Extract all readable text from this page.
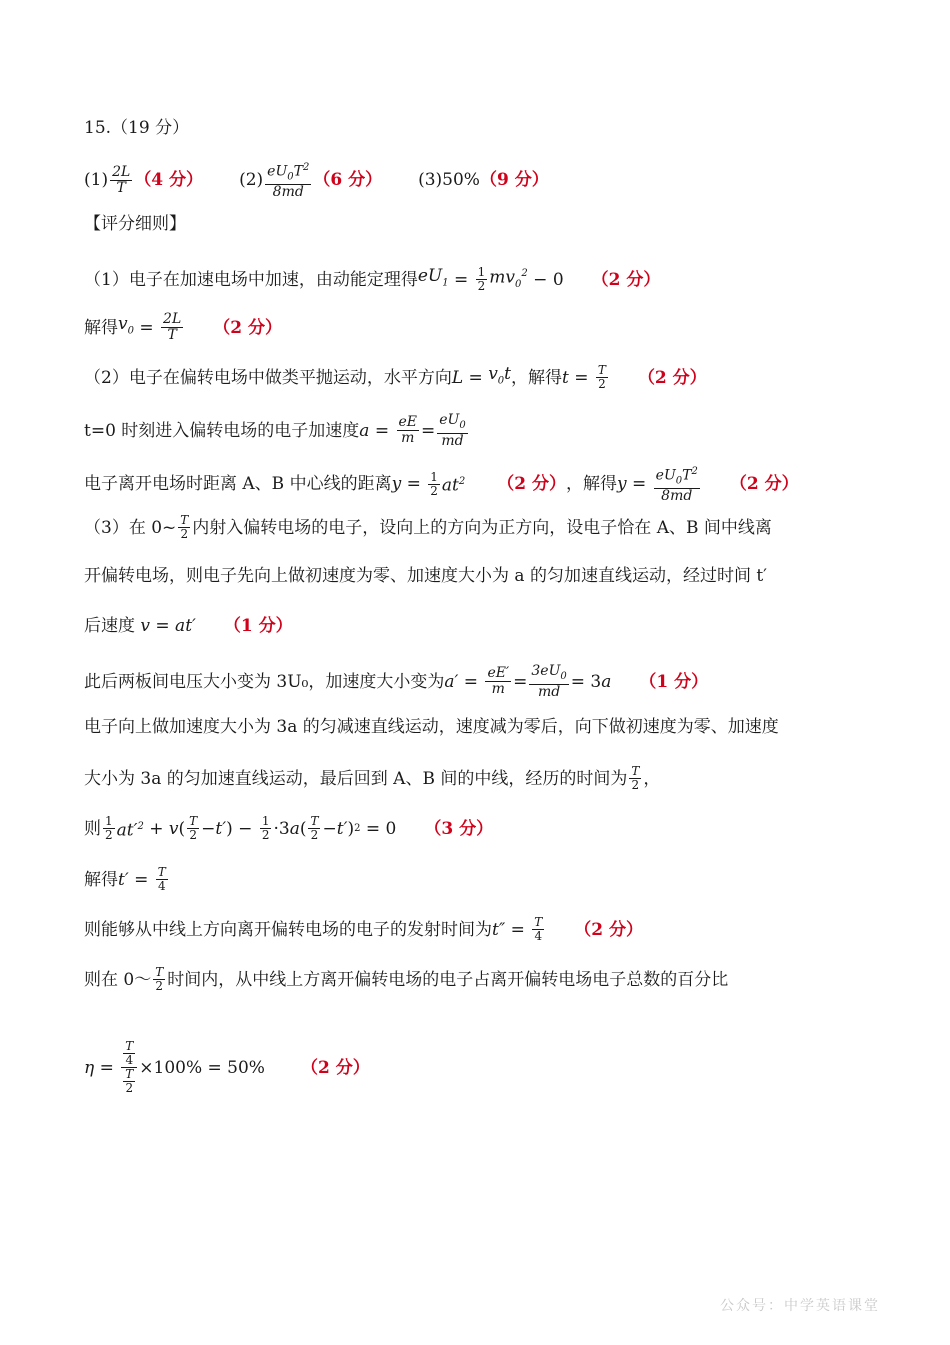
15.（19 分）
$(1) \frac{2L}{T} (4$ 分） $(2) \frac{eU_0T^2}{8md} (6$ 分） (3)50% （9 分）
【评分细则】
（1）电子在加速电场中加速，由动能定理得 $eU_1 = \frac{1}{2} mv_0^2 - 0$ （2 分）
解得 $v_0 = \frac{2L}{T} (2$ 分）
（2）电子在偏转电场中做类平抛运动，水平方向 $L = v_0t$ ，解得 $t = \frac{T}{2} (2$ 分）
t=0 时刻进入偏转电场的电子加速度 $a = \frac{eE}{m} = \frac{eU_0}{md}$
电子离开电场时距离 A、B 中心线的距离 $y = \frac{1}{2} at^2$ （2 分） ，解得 $y = \frac{eU_0T^2}{8md} (2$ 分）
（3）在 0~ $\frac{T}{2}$ 内射入偏转电场的电子，设向上的方向为正方向，设电子恰在 A、B 间中线离
开偏转电场，则电子先向上做初速度为零、加速度大小为 a 的匀加速直线运动，经过时间 t′
后速度
v = at′ （1 分）
此后两板间电压大小变为 3U₀，加速度大小变为 $a' = \frac{eE'}{m} = \frac{3eU_0}{md} = 3$ a （1 分）
电子向上做加速度大小为 3a 的匀减速直线运动，速度减为零后，向下做初速度为零、加速度
大小为 3a 的匀加速直线运动，最后回到 A、B 间的中线，经历的时间为 $\frac{T}{2}$ ，
则 $\frac{1}{2} at'^2 + v$ ( $\frac{T}{2} - t'$ ) − $\frac{1}{2} \cdot 3$ a ( $\frac{T}{2} - t'$ ) 2 = 0 （3 分）
解得 $t' = \frac{T}{4}$
则能够从中线上方向离开偏转电场的电子的发射时间为 $t'' = \frac{T}{4} (2$ 分）
则在 0～ $\frac{T}{2}$ 时间内，从中线上方离开偏转电场的电子占离开偏转电场电子总数的百分比
$\eta = \frac{\frac{T}{4}}{\frac{T}{2}} \times 100\% = 50\%$ （2 分）
公众号：中学英语课堂
